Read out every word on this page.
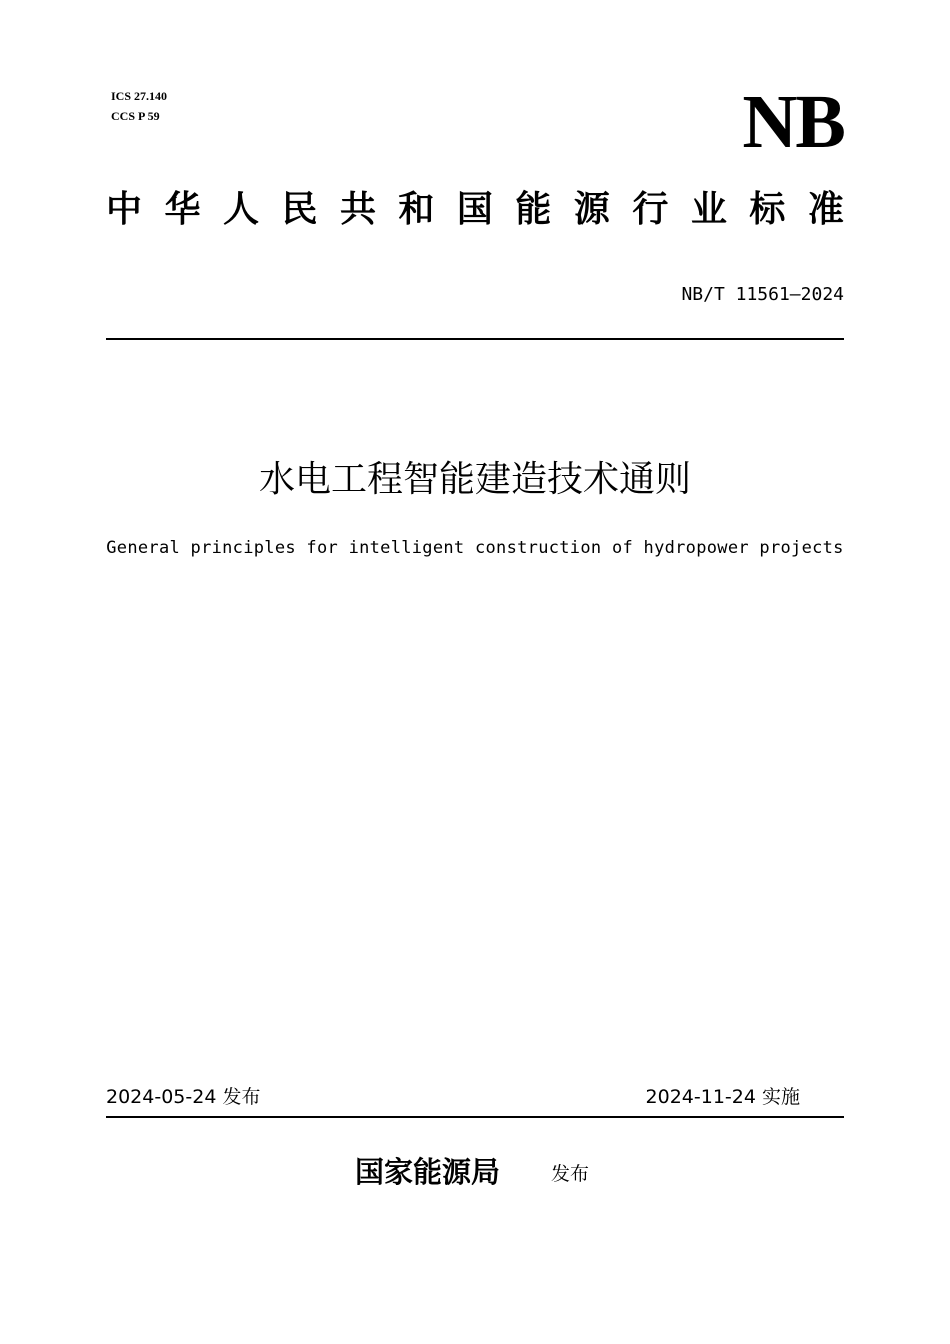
ICS 27.140
CCS P 59	NB
中 华 人 民 共 和 国 能 源 行 业 标 准
NB/T 11561—2024
水电工程智能建造技术通则
General principles for intelligent construction of hydropower projects
2024-05-24 发布	2024-11-24 实施
国家能源局	发布
